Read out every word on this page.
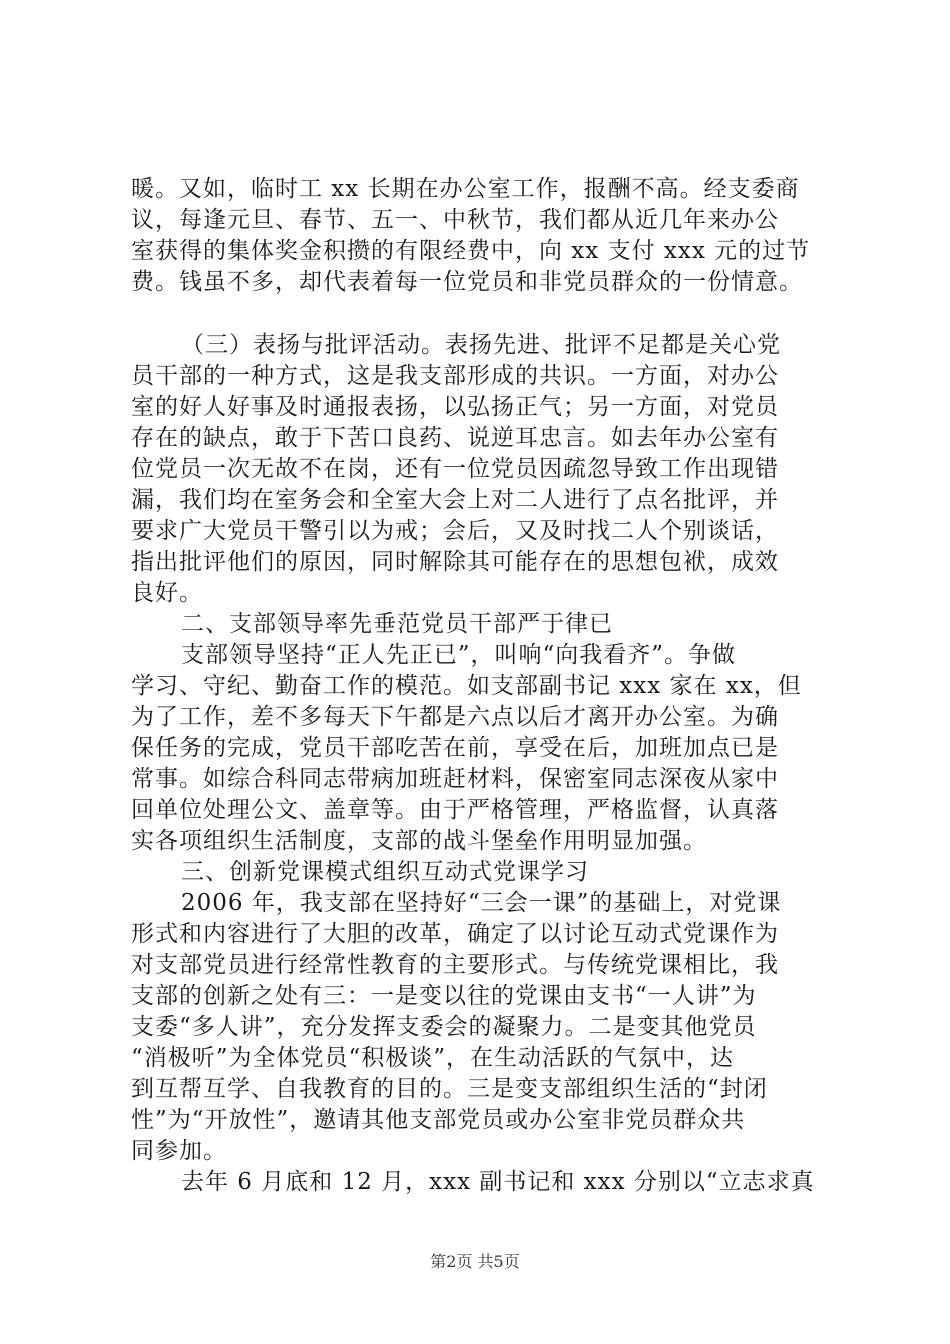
暖。又如，临时工 xx 长期在办公室工作，报酬不高。经支委商
议，每逢元旦、春节、五一、中秋节，我们都从近几年来办公
室获得的集体奖金积攒的有限经费中，向 xx 支付 xxx 元的过节
费。钱虽不多，却代表着每一位党员和非党员群众的一份情意。
（三）表扬与批评活动。表扬先进、批评不足都是关心党
员干部的一种方式，这是我支部形成的共识。一方面，对办公
室的好人好事及时通报表扬，以弘扬正气；另一方面，对党员
存在的缺点，敢于下苦口良药、说逆耳忠言。如去年办公室有
位党员一次无故不在岗，还有一位党员因疏忽导致工作出现错
漏，我们均在室务会和全室大会上对二人进行了点名批评，并
要求广大党员干警引以为戒；会后，又及时找二人个别谈话，
指出批评他们的原因，同时解除其可能存在的思想包袱，成效
良好。
二、支部领导率先垂范党员干部严于律已
支部领导坚持“正人先正已”，叫响“向我看齐”。争做
学习、守纪、勤奋工作的模范。如支部副书记 xxx 家在 xx，但
为了工作，差不多每天下午都是六点以后才离开办公室。为确
保任务的完成，党员干部吃苦在前，享受在后，加班加点已是
常事。如综合科同志带病加班赶材料，保密室同志深夜从家中
回单位处理公文、盖章等。由于严格管理，严格监督，认真落
实各项组织生活制度，支部的战斗堡垒作用明显加强。
三、创新党课模式组织互动式党课学习
2006 年，我支部在坚持好“三会一课”的基础上，对党课
形式和内容进行了大胆的改革，确定了以讨论互动式党课作为
对支部党员进行经常性教育的主要形式。与传统党课相比，我
支部的创新之处有三：一是变以往的党课由支书“一人讲”为
支委“多人讲”，充分发挥支委会的凝聚力。二是变其他党员
“消极听”为全体党员“积极谈”，在生动活跃的气氛中，达
到互帮互学、自我教育的目的。三是变支部组织生活的“封闭
性”为“开放性”，邀请其他支部党员或办公室非党员群众共
同参加。
去年 6 月底和 12 月，xxx 副书记和 xxx 分别以“立志求真
第2页 共5页
